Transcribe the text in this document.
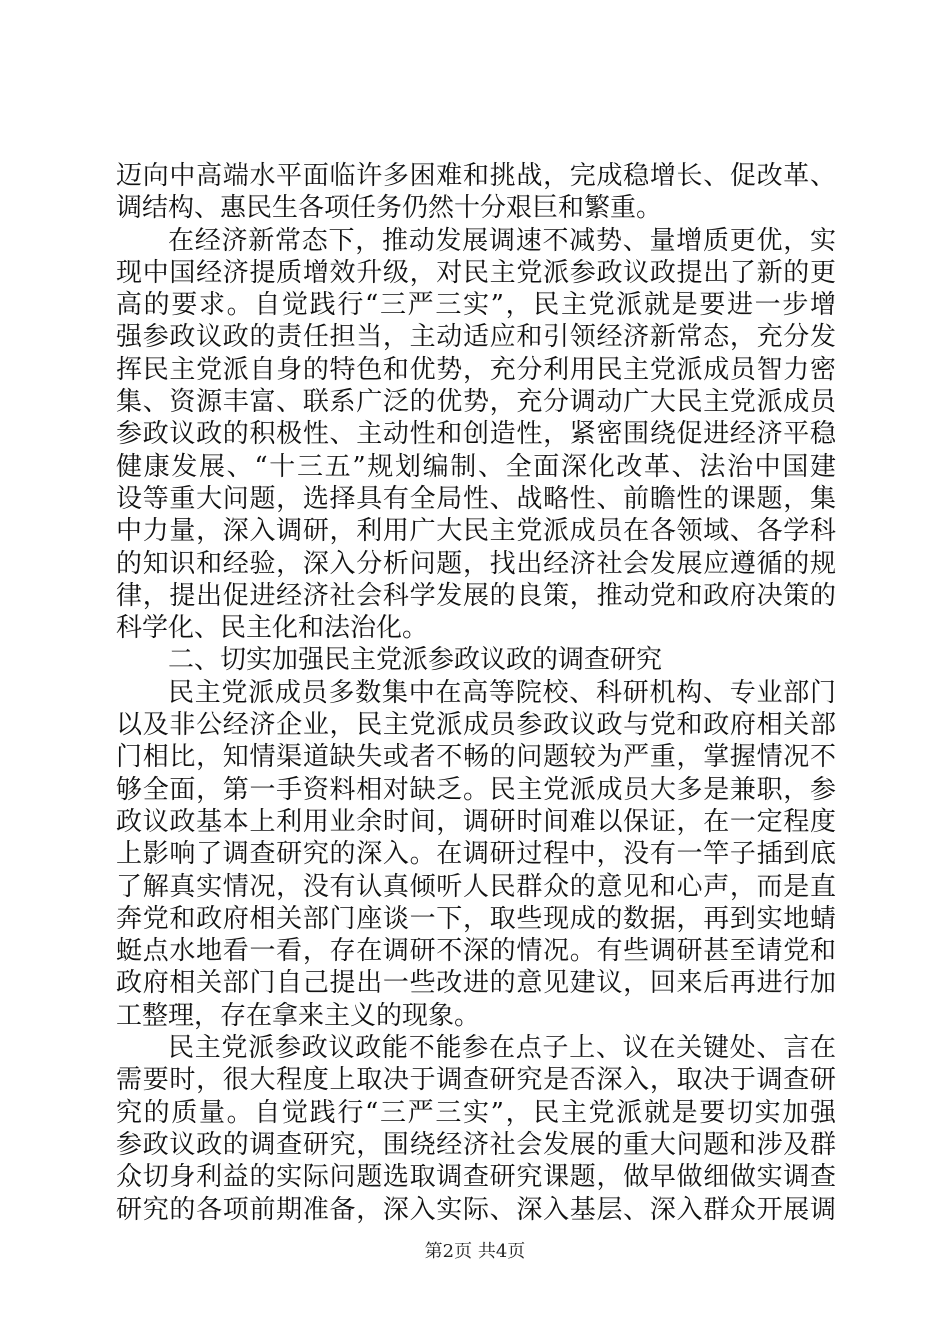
迈向中高端水平面临许多困难和挑战，完成稳增长、促改革、
调结构、惠民生各项任务仍然十分艰巨和繁重。
在经济新常态下，推动发展调速不减势、量增质更优，实
现中国经济提质增效升级，对民主党派参政议政提出了新的更
高的要求。自觉践行“三严三实”，民主党派就是要进一步增
强参政议政的责任担当，主动适应和引领经济新常态，充分发
挥民主党派自身的特色和优势，充分利用民主党派成员智力密
集、资源丰富、联系广泛的优势，充分调动广大民主党派成员
参政议政的积极性、主动性和创造性，紧密围绕促进经济平稳
健康发展、“十三五”规划编制、全面深化改革、法治中国建
设等重大问题，选择具有全局性、战略性、前瞻性的课题，集
中力量，深入调研，利用广大民主党派成员在各领域、各学科
的知识和经验，深入分析问题，找出经济社会发展应遵循的规
律，提出促进经济社会科学发展的良策，推动党和政府决策的
科学化、民主化和法治化。
二、切实加强民主党派参政议政的调查研究
民主党派成员多数集中在高等院校、科研机构、专业部门
以及非公经济企业，民主党派成员参政议政与党和政府相关部
门相比，知情渠道缺失或者不畅的问题较为严重，掌握情况不
够全面，第一手资料相对缺乏。民主党派成员大多是兼职，参
政议政基本上利用业余时间，调研时间难以保证，在一定程度
上影响了调查研究的深入。在调研过程中，没有一竿子插到底
了解真实情况，没有认真倾听人民群众的意见和心声，而是直
奔党和政府相关部门座谈一下，取些现成的数据，再到实地蜻
蜓点水地看一看，存在调研不深的情况。有些调研甚至请党和
政府相关部门自己提出一些改进的意见建议，回来后再进行加
工整理，存在拿来主义的现象。
民主党派参政议政能不能参在点子上、议在关键处、言在
需要时，很大程度上取决于调查研究是否深入，取决于调查研
究的质量。自觉践行“三严三实”，民主党派就是要切实加强
参政议政的调查研究，围绕经济社会发展的重大问题和涉及群
众切身利益的实际问题选取调查研究课题，做早做细做实调查
研究的各项前期准备，深入实际、深入基层、深入群众开展调
第2页 共4页
